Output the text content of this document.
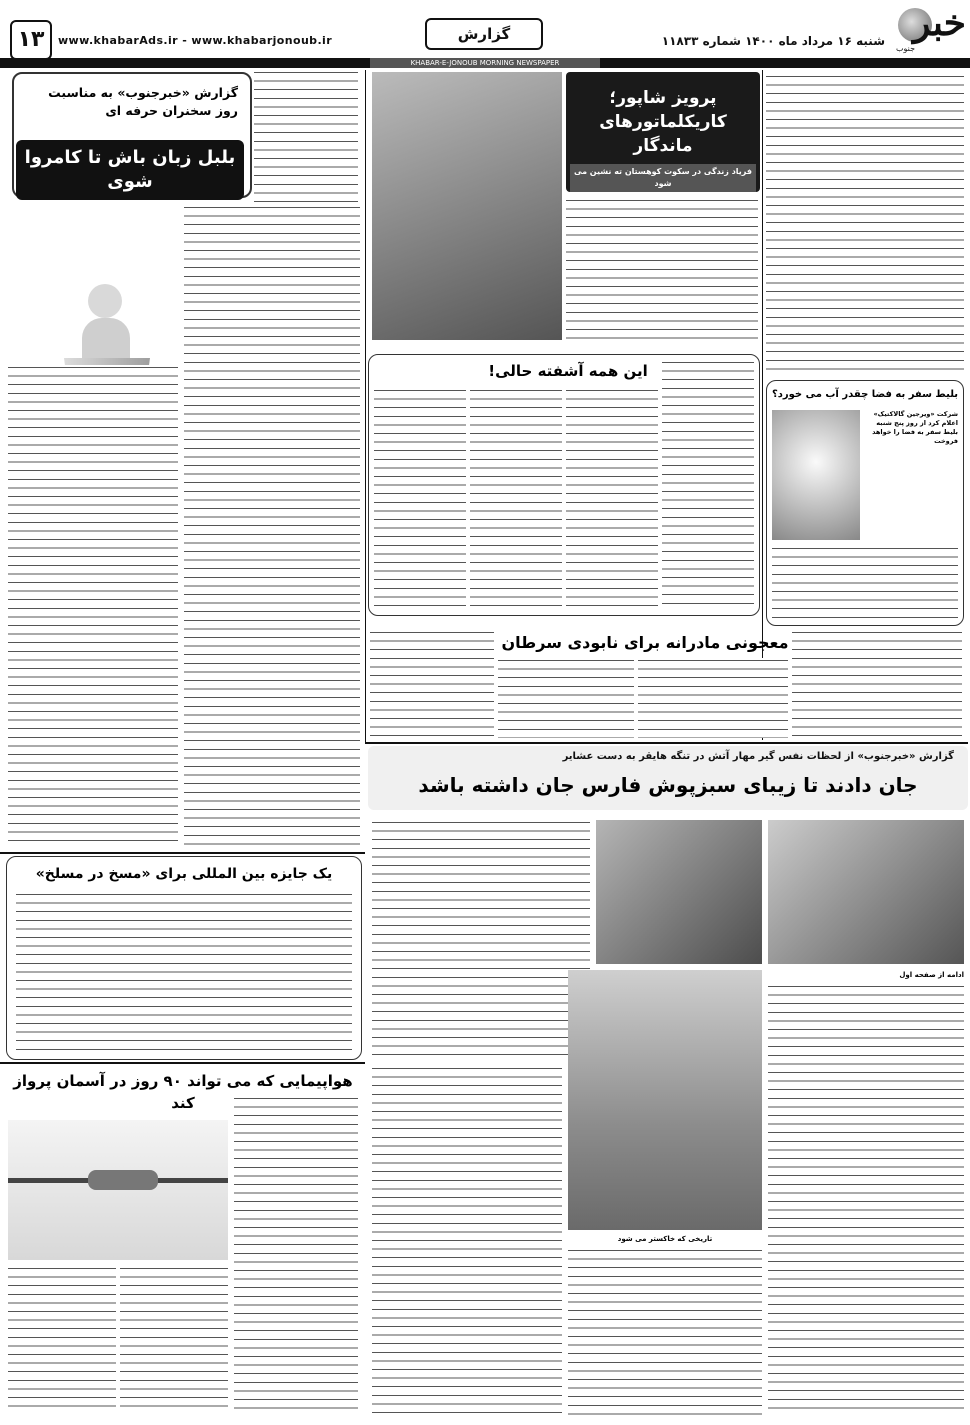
۱۳	www.khabarAds.ir - www.khabarjonoub.ir	گزارش	شنبه ۱۶ مرداد ماه ۱۴۰۰ شماره ۱۱۸۳۳ خبر
جنوب
KHABAR-E-JONOUB MORNING NEWSPAPER
گزارش «خبرجنوب» به مناسبت روز سخنران حرفه ای
بلبل زبان باش تا کامروا شوی
یک جایزه بین المللی برای «مسخ در مسلخ»
هواپیمایی که می تواند ۹۰ روز در آسمان پرواز کند
پرویز شاپور؛ کاریکلماتورهای ماندگار
فریاد زندگی در سکوت کوهستان ته نشین می شود
این همه آشفته حالی!
بلیط سفر به فضا چقدر آب می خورد؟
شرکت «ویرجین گالاکتیک» اعلام کرد از روز پنج شنبه بلیط سفر به فضا را خواهد فروخت
معجونی مادرانه برای نابودی سرطان
گزارش «خبرجنوب» از لحظات نفس گیر مهار آتش در تنگه هایقر به دست عشایر
جان دادند تا زیبای سبزپوش فارس جان داشته باشد
ادامه از صفحه اول
تاریخی که خاکستر می شود
